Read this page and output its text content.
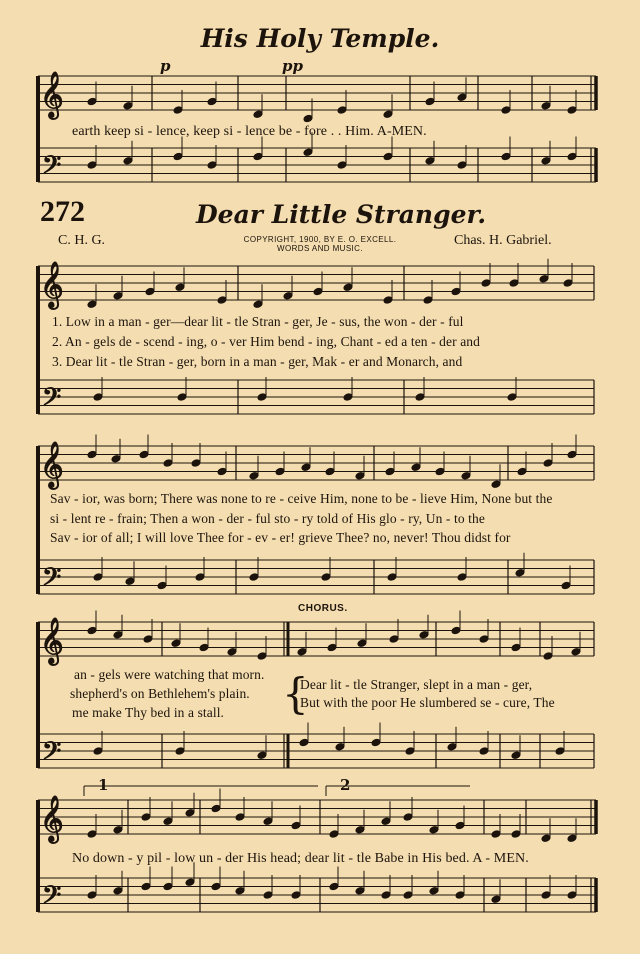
𝄞
𝄢
𝄞
𝄢
𝄞
𝄢
𝄞
𝄢
𝄞
𝄢
His Holy Temple.
p	pp
earth keep si - lence, keep si - lence be - fore . . Him. A-MEN.
272	Dear Little Stranger.
C. H. G.	COPYRIGHT, 1900, BY E. O. EXCELL.
WORDS AND MUSIC.
Chas. H. Gabriel.
1. Low in a man - ger—dear lit - tle Stran - ger, Je - sus, the won - der - ful
2. An - gels de - scend - ing, o - ver Him bend - ing, Chant - ed a ten - der and
3. Dear lit - tle Stran - ger, born in a man - ger, Mak - er and Monarch, and
Sav - ior, was born; There was none to re - ceive Him, none to be - lieve Him, None but the
si - lent re - frain; Then a won - der - ful sto - ry told of His glo - ry, Un - to the
Sav - ior of all; I will love Thee for - ev - er! grieve Thee? no, never! Thou didst for
CHORUS.
an - gels were watching that morn.
shepherd's on Bethlehem's plain.
me make Thy bed in a stall. {
Dear lit - tle Stranger, slept in a man - ger,
But with the poor He slumbered se - cure, The
1	2
No down - y pil - low un - der His head; dear lit - tle Babe in His bed. A - MEN.
